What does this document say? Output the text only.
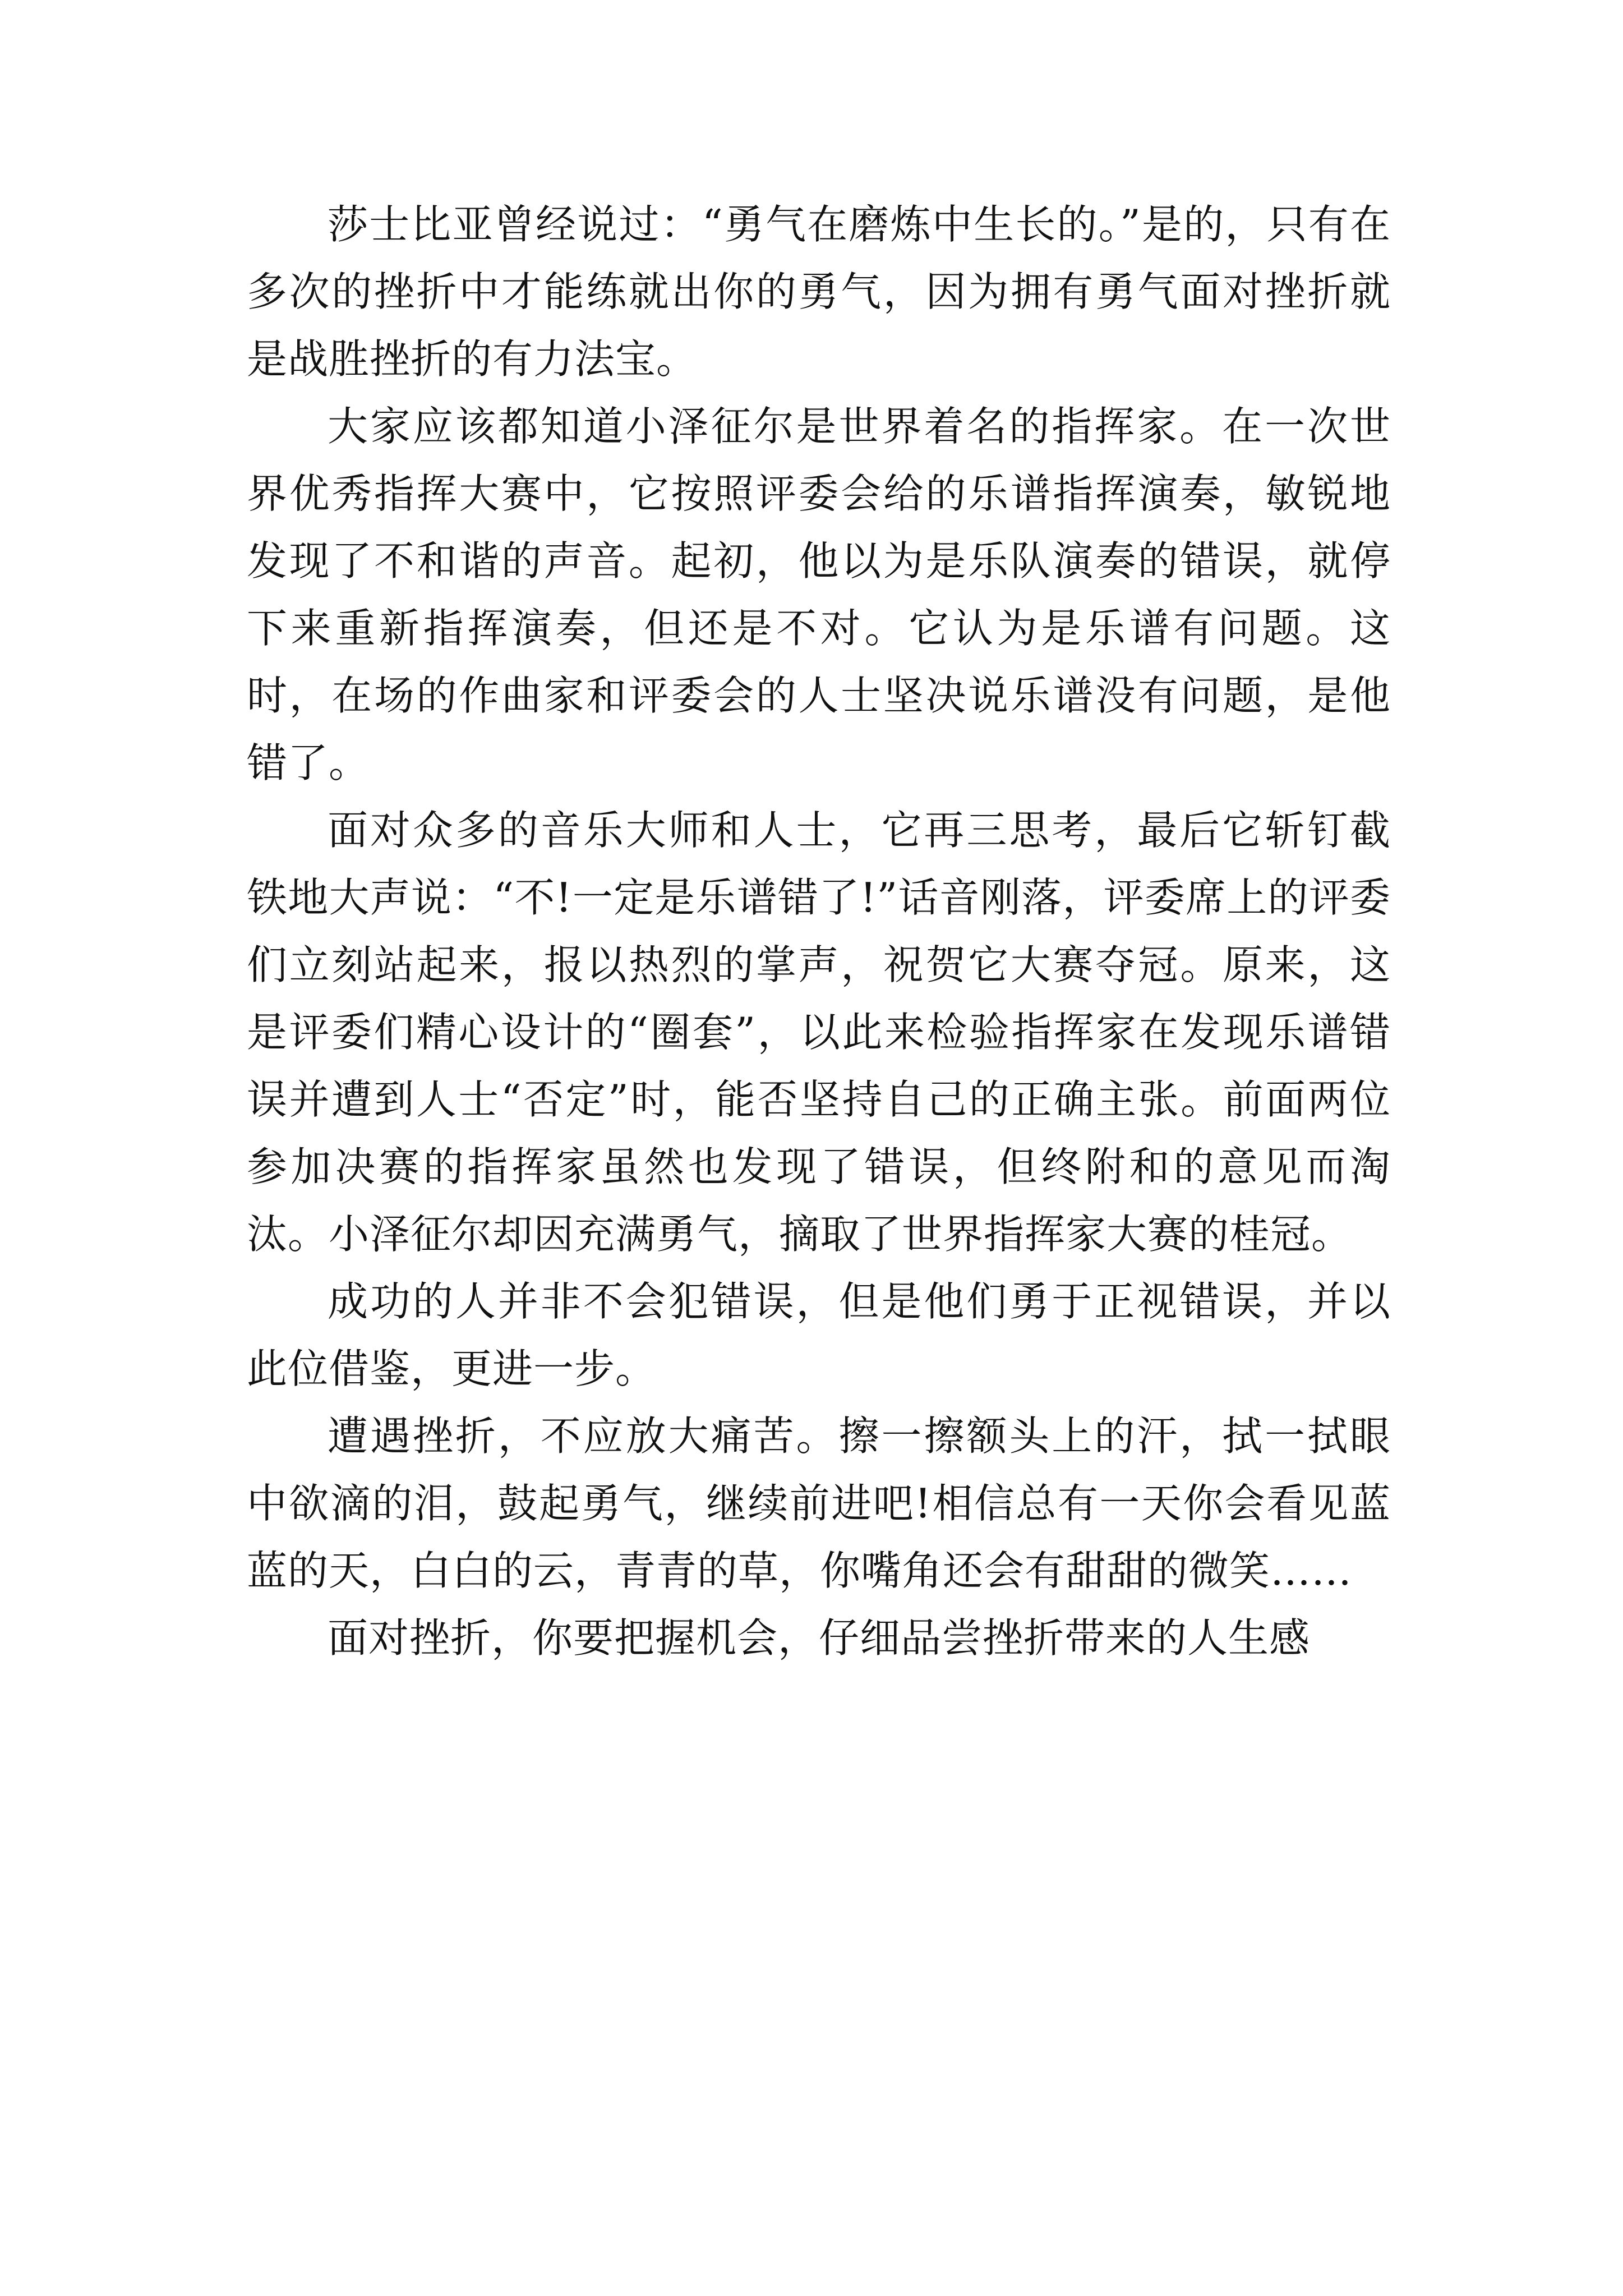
莎士比亚曾经说过：“勇气在磨炼中生长的。”是的，只有在多次的挫折中才能练就出你的勇气，因为拥有勇气面对挫折就是战胜挫折的有力法宝。

大家应该都知道小泽征尔是世界着名的指挥家。在一次世界优秀指挥大赛中，它按照评委会给的乐谱指挥演奏，敏锐地发现了不和谐的声音。起初，他以为是乐队演奏的错误，就停下来重新指挥演奏，但还是不对。它认为是乐谱有问题。这时，在场的作曲家和评委会的人士坚决说乐谱没有问题，是他错了。

面对众多的音乐大师和人士，它再三思考，最后它斩钉截铁地大声说：“不!一定是乐谱错了!”话音刚落，评委席上的评委们立刻站起来，报以热烈的掌声，祝贺它大赛夺冠。原来，这是评委们精心设计的“圈套”，以此来检验指挥家在发现乐谱错误并遭到人士“否定”时，能否坚持自己的正确主张。前面两位参加决赛的指挥家虽然也发现了错误，但终附和的意见而淘汰。小泽征尔却因充满勇气，摘取了世界指挥家大赛的桂冠。

成功的人并非不会犯错误，但是他们勇于正视错误，并以此位借鉴，更进一步。

遭遇挫折，不应放大痛苦。擦一擦额头上的汗，拭一拭眼中欲滴的泪，鼓起勇气，继续前进吧!相信总有一天你会看见蓝蓝的天，白白的云，青青的草，你嘴角还会有甜甜的微笑……

面对挫折，你要把握机会，仔细品尝挫折带来的人生感
